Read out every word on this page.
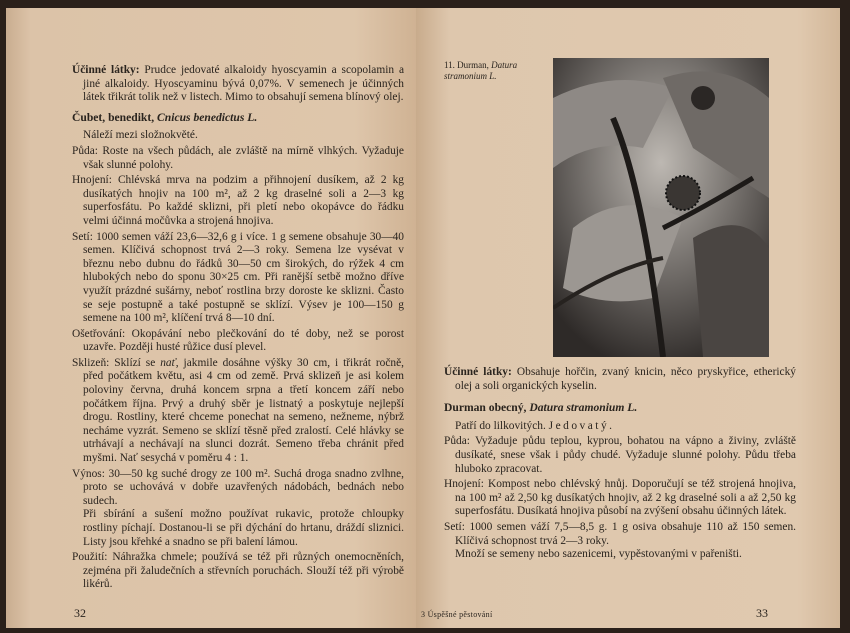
Účinné látky: Prudce jedovaté alkaloidy hyoscyamin a scopolamin a jiné alkaloidy. Hyoscyaminu bývá 0,07%. V semenech je účinných látek třikrát tolik než v listech. Mimo to obsahují semena blínový olej.

Čubet, benedikt, Cnicus benedictus L.

Náleží mezi složnokvěté.

Půda: Roste na všech půdách, ale zvláště na mírně vlhkých. Vyžaduje však slunné polohy.

Hnojení: Chlévská mrva na podzim a přihnojení dusíkem, až 2 kg dusíkatých hnojiv na 100 m², až 2 kg draselné soli a 2—3 kg superfosfátu. Po každé sklizni, při pletí nebo okopávce do řádku velmi účinná močůvka a strojená hnojiva.

Setí: 1000 semen váží 23,6—32,6 g i více. 1 g semene obsahuje 30—40 semen. Klíčivá schopnost trvá 2—3 roky. Semena lze vysévat v březnu nebo dubnu do řádků 30—50 cm širokých, do rýžek 4 cm hlubokých nebo do sponu 30×25 cm. Při ranější setbě možno dříve využít prázdné sušárny, neboť rostlina brzy doroste ke sklizni. Často se seje postupně a také postupně se sklízí. Výsev je 100—150 g semene na 100 m², klíčení trvá 8—10 dní.

Ošetřování: Okopávání nebo plečkování do té doby, než se porost uzavře. Později husté růžice dusí plevel.

Sklizeň: Sklízí se nať, jakmile dosáhne výšky 30 cm, i třikrát ročně, před počátkem květu, asi 4 cm od země. Prvá sklizeň je asi kolem poloviny června, druhá koncem srpna a třetí koncem září nebo počátkem října. Prvý a druhý sběr je listnatý a poskytuje nejlepší drogu. Rostliny, které chceme ponechat na semeno, nežneme, nýbrž necháme vyzrát. Semeno se sklízí těsně před zralostí. Celé hlávky se utrhávají a nechávají na slunci dozrát. Semeno třeba chránit před myšmi. Nať sesychá v poměru 4 : 1.

Výnos: 30—50 kg suché drogy ze 100 m². Suchá droga snadno zvlhne, proto se uchovává v dobře uzavřených nádobách, bednách nebo sudech.

Při sbírání a sušení možno používat rukavic, protože chloupky rostliny píchají. Dostanou-li se při dýchání do hrtanu, dráždí sliznici. Listy jsou křehké a snadno se při balení lámou.

Použití: Náhražka chmele; používá se též při různých onemocněních, zejména při žaludečních a střevních poruchách. Slouží též při výrobě likérů.

32
11. Durman, Datura stramonium L.

Účinné látky: Obsahuje hořčin, zvaný knicin, něco pryskyřice, etherický olej a soli organických kyselin.

Durman obecný, Datura stramonium L.

Patří do lilkovitých. Jedovatý.

Půda: Vyžaduje půdu teplou, kyprou, bohatou na vápno a živiny, zvláště dusíkaté, snese však i půdy chudé. Vyžaduje slunné polohy. Půdu třeba hluboko zpracovat.

Hnojení: Kompost nebo chlévský hnůj. Doporučují se též strojená hnojiva, na 100 m² až 2,50 kg dusíkatých hnojiv, až 2 kg draselné soli a až 2,50 kg superfosfátu. Dusíkatá hnojiva působí na zvýšení obsahu účinných látek.

Setí: 1000 semen váží 7,5—8,5 g. 1 g osiva obsahuje 110 až 150 semen. Klíčivá schopnost trvá 2—3 roky.

Množí se semeny nebo sazenicemi, vypěstovanými v pařeništi.

3 Úspěšné pěstování	33
